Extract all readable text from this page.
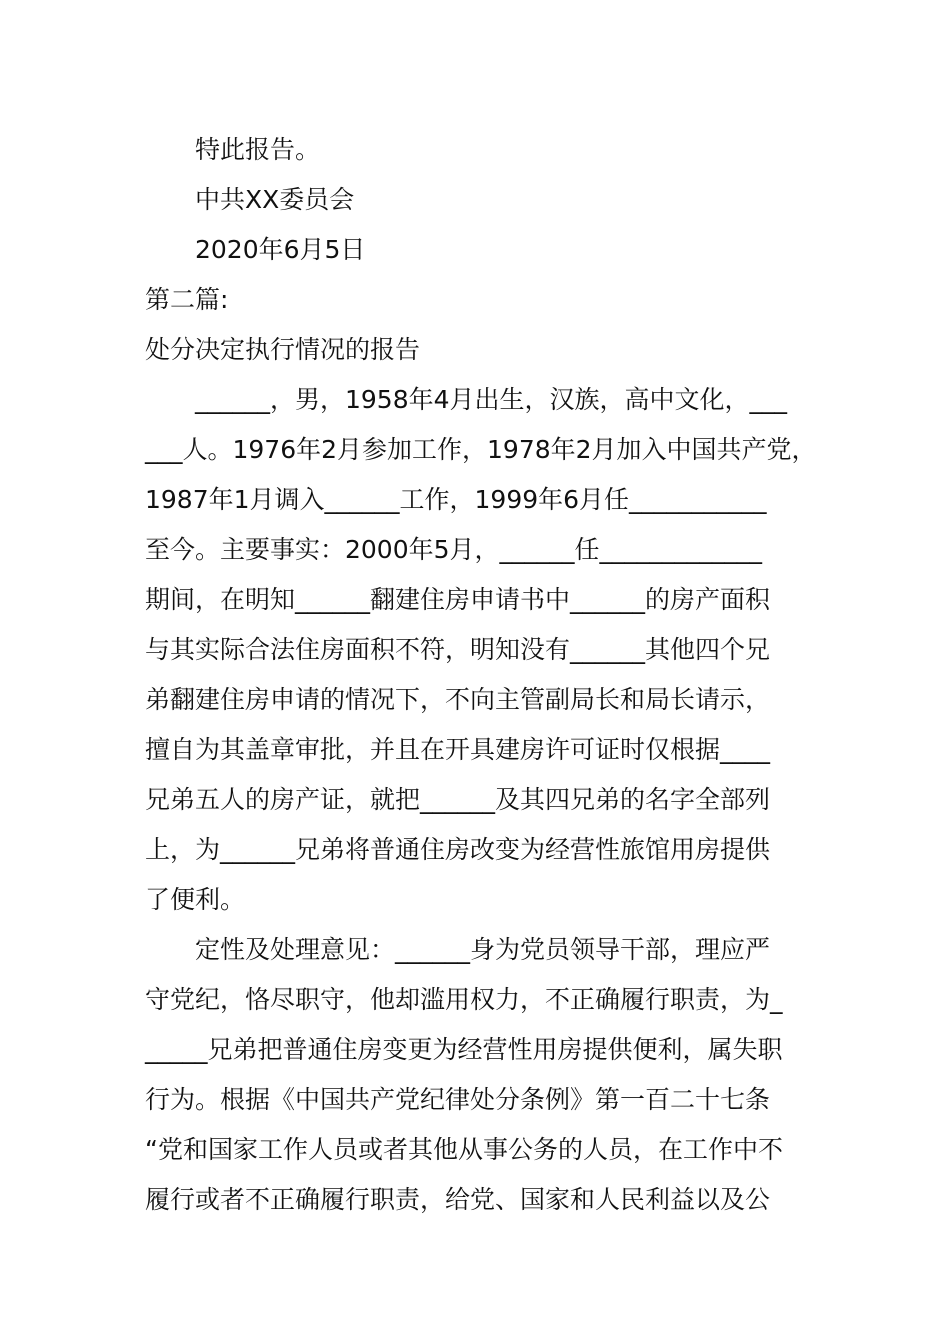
特此报告。
中共XX委员会
2020年6月5日
第二篇:
处分决定执行情况的报告
______，男，1958年4月出生，汉族，高中文化，___
___人。1976年2月参加工作，1978年2月加入中国共产党，
1987年1月调入______工作，1999年6月任___________
至今。主要事实：2000年5月，______任_____________
期间，在明知______翻建住房申请书中______的房产面积
与其实际合法住房面积不符，明知没有______其他四个兄
弟翻建住房申请的情况下，不向主管副局长和局长请示，
擅自为其盖章审批，并且在开具建房许可证时仅根据____
兄弟五人的房产证，就把______及其四兄弟的名字全部列
上，为______兄弟将普通住房改变为经营性旅馆用房提供
了便利。
定性及处理意见：______身为党员领导干部，理应严
守党纪，恪尽职守，他却滥用权力，不正确履行职责，为_
_____兄弟把普通住房变更为经营性用房提供便利，属失职
行为。根据《中国共产党纪律处分条例》第一百二十七条
“党和国家工作人员或者其他从事公务的人员，在工作中不
履行或者不正确履行职责，给党、国家和人民利益以及公
